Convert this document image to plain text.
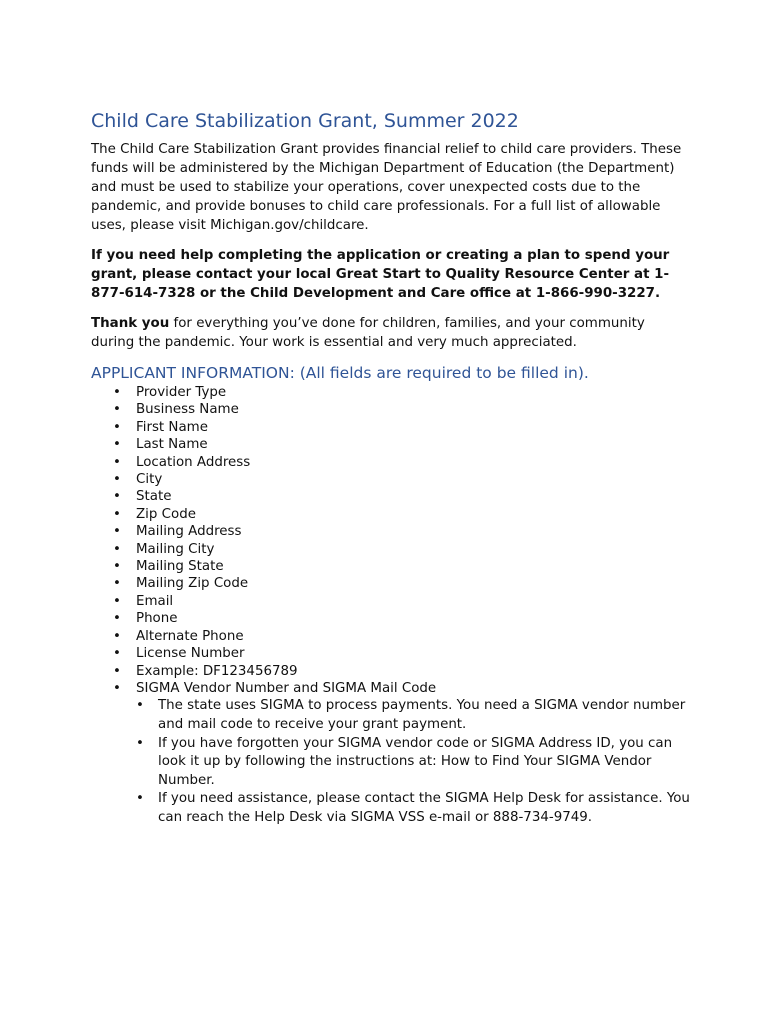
Child Care Stabilization Grant, Summer 2022

The Child Care Stabilization Grant provides financial relief to child care providers. These funds will be administered by the Michigan Department of Education (the Department) and must be used to stabilize your operations, cover unexpected costs due to the pandemic, and provide bonuses to child care professionals. For a full list of allowable uses, please visit Michigan.gov/childcare.

If you need help completing the application or creating a plan to spend your grant, please contact your local Great Start to Quality Resource Center at 1-877-614-7328 or the Child Development and Care office at 1-866-990-3227.

Thank you for everything you’ve done for children, families, and your community during the pandemic. Your work is essential and very much appreciated.

APPLICANT INFORMATION: (All fields are required to be filled in).
• Provider Type
• Business Name
• First Name
• Last Name
• Location Address
• City
• State
• Zip Code
• Mailing Address
• Mailing City
• Mailing State
• Mailing Zip Code
• Email
• Phone
• Alternate Phone
• License Number
• Example: DF123456789
• SIGMA Vendor Number and SIGMA Mail Code
• The state uses SIGMA to process payments. You need a SIGMA vendor number and mail code to receive your grant payment.
• If you have forgotten your SIGMA vendor code or SIGMA Address ID, you can look it up by following the instructions at: How to Find Your SIGMA Vendor Number.
• If you need assistance, please contact the SIGMA Help Desk for assistance. You can reach the Help Desk via SIGMA VSS e-mail or 888-734-9749.
